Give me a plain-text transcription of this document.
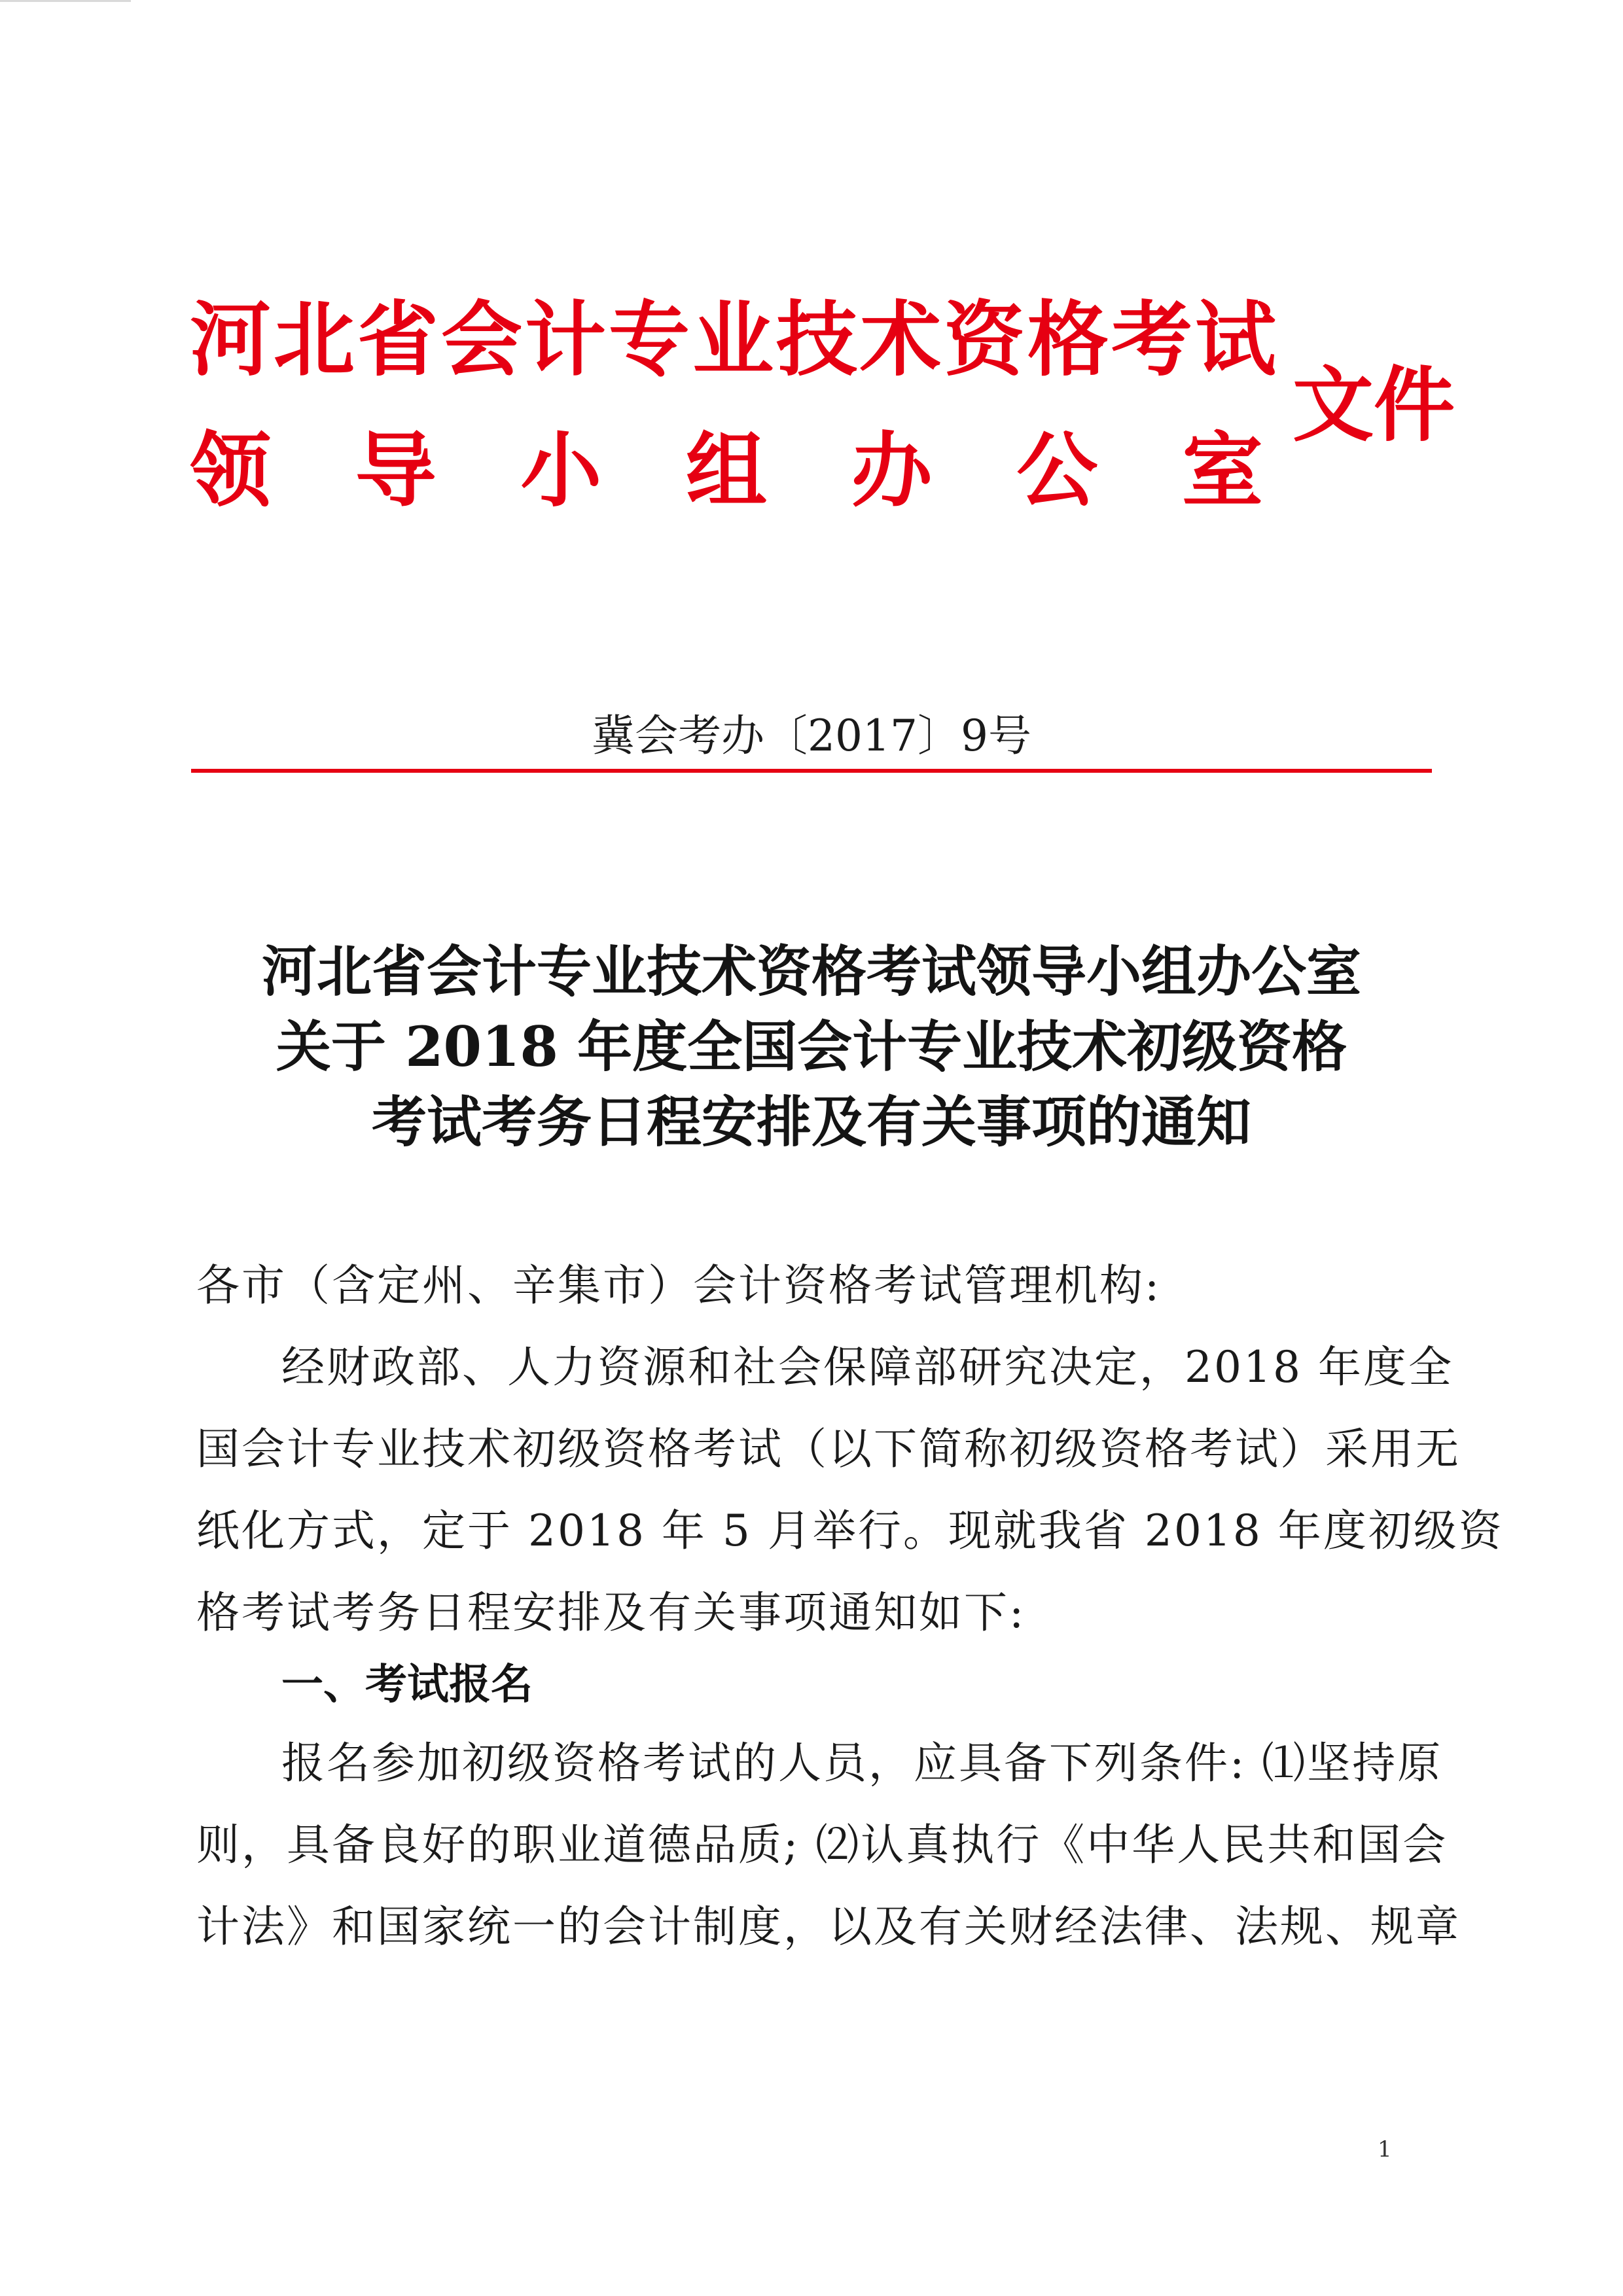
河北省会计专业技术资格考试
领 导 小 组 办 公 室
文件
冀会考办〔2017〕9号
河北省会计专业技术资格考试领导小组办公室
关于 2018 年度全国会计专业技术初级资格
考试考务日程安排及有关事项的通知
各市（含定州、辛集市）会计资格考试管理机构:
经财政部、人力资源和社会保障部研究决定，2018 年度全
国会计专业技术初级资格考试（以下简称初级资格考试）采用无
纸化方式，定于 2018 年 5 月举行。现就我省 2018 年度初级资
格考试考务日程安排及有关事项通知如下:
一、考试报名
报名参加初级资格考试的人员，应具备下列条件: ⑴坚持原
则，具备良好的职业道德品质; ⑵认真执行《中华人民共和国会
计法》和国家统一的会计制度，以及有关财经法律、法规、规章
1
